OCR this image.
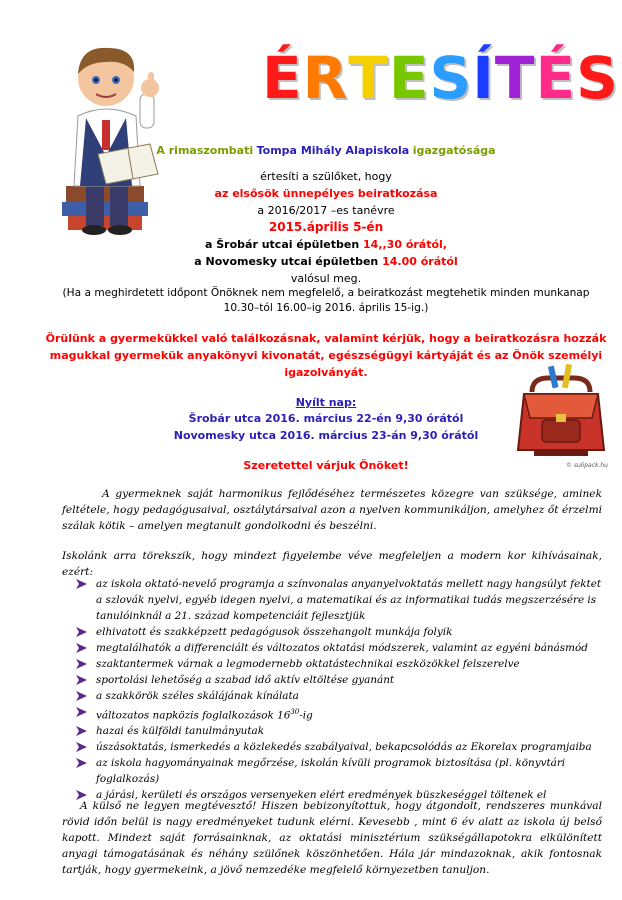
ÉRTESÍTÉS
A rimaszombati Tompa Mihály Alapiskola igazgatósága
értesíti a szülőket, hogy
az elsősök ünnepélyes beiratkozása
a 2016/2017 –es tanévre
2015.április 5-én
a Šrobár utcai épületben 14,,30 órától,
a Novomesky utcai épületben 14.00 órától
valósul meg.
(Ha a meghirdetett időpont Önöknek nem megfelelő, a beiratkozást megtehetik minden munkanap
10.30–tól 16.00–ig 2016. április 15-ig.)
Örülünk a gyermekükkel való találkozásnak, valamint kérjük, hogy a beiratkozásra hozzák
magukkal gyermekük anyakönyvi kivonatát, egészségügyi kártyáját és az Önök személyi
igazolványát.
Nyílt nap:
Šrobár utca 2016. március 22-én 9,30 órától
Novomesky utca 2016. március 23-án 9,30 órától
© sulipack.hu
Szeretettel várjuk Önöket!
A gyermeknek saját harmonikus fejlődéséhez természetes közegre van szüksége, aminek feltétele, hogy pedagógusaival, osztálytársaival azon a nyelven kommunikáljon, amelyhez őt érzelmi szálak kötik – amelyen megtanult gondolkodni és beszélni.
Iskolánk arra törekszik, hogy mindezt figyelembe véve megfeleljen a modern kor kihívásainak, ezért:
az iskola oktató-nevelő programja a színvonalas anyanyelvoktatás mellett nagy hangsúlyt fektet a szlovák nyelvi, egyéb idegen nyelvi, a matematikai és az informatikai tudás megszerzésére is tanulóinknál a 21. század kompetenciáit fejlesztjük
elhivatott és szakképzett pedagógusok összehangolt munkája folyik
megtalálhatók a differenciált és változatos oktatási módszerek, valamint az egyéni bánásmód
szaktantermek várnak a legmodernebb oktatástechnikai eszközökkel felszerelve
sportolási lehetőség a szabad idő aktív eltöltése gyanánt
a szakkörök széles skálájának kínálata
változatos napközis foglalkozások $16^{30}-ig$
hazai és külföldi tanulmányutak
úszásoktatás, ismerkedés a közlekedés szabályaival, bekapcsolódás az Ekorelax programjaiba
az iskola hagyományainak megőrzése, iskolán kívüli programok biztosítása (pl. könyvtári foglalkozás)
a járási, kerületi és országos versenyeken elért eredmények büszkeséggel töltenek el
A külső ne legyen megtévesztő! Hiszen bebizonyítottuk, hogy átgondolt, rendszeres munkával rövid időn belül is nagy eredményeket tudunk elérni. Kevesebb , mint 6 év alatt az iskola új belső kapott. Mindezt saját forrásainknak, az oktatási minisztérium szükségállapotokra elkülönített anyagi támogatásának és néhány szülőnek köszönhetően. Hála jár mindazoknak, akik fontosnak tartják, hogy gyermekeink, a jövő nemzedéke megfelelő környezetben tanuljon.
